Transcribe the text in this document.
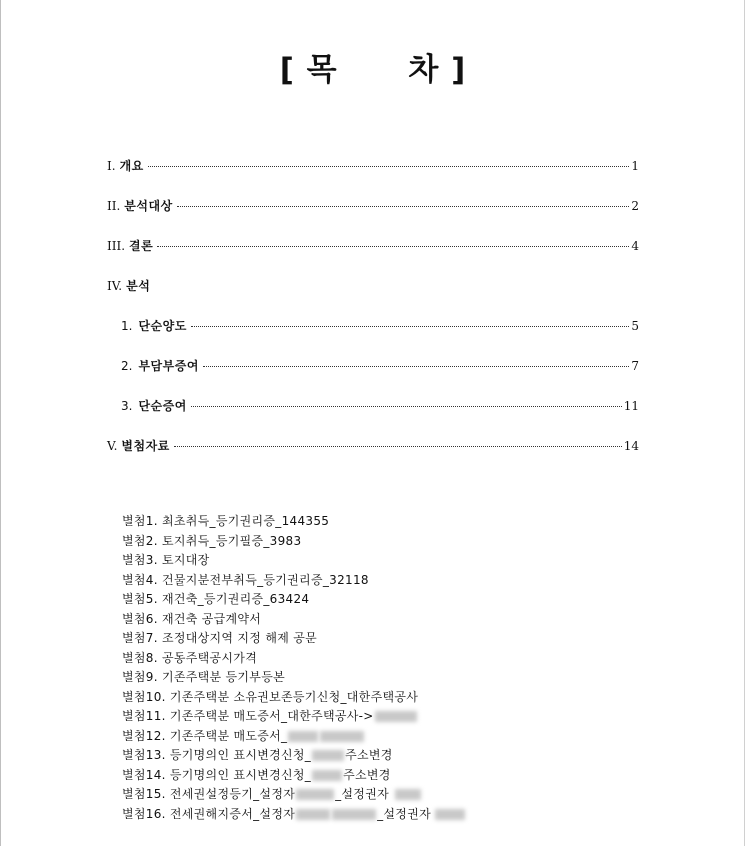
[ 목      차 ]
I. 개요	1
II. 분석대상	2
III. 결론	4
IV. 분석
1. 단순양도	5
2. 부담부증여	7
3. 단순증여	11
V. 별첨자료	14
별첨1. 최초취득_등기권리증_144355
별첨2. 토지취득_등기필증_3983
별첨3. 토지대장
별첨4. 건물지분전부취득_등기권리증_32118
별첨5. 재건축_등기권리증_63424
별첨6. 재건축 공급계약서
별첨7. 조정대상지역 지정 해제 공문
별첨8. 공동주택공시가격
별첨9. 기존주택분 등기부등본
별첨10. 기존주택분 소유권보존등기신청_대한주택공사
별첨11. 기존주택분 매도증서_대한주택공사->
별첨12. 기존주택분 매도증서_
별첨13. 등기명의인 표시변경신청_	주소변경
별첨14. 등기명의인 표시변경신청_	주소변경
별첨15. 전세권설정등기_설정자	_설정권자
별첨16. 전세권해지증서_설정자	_설정권자
